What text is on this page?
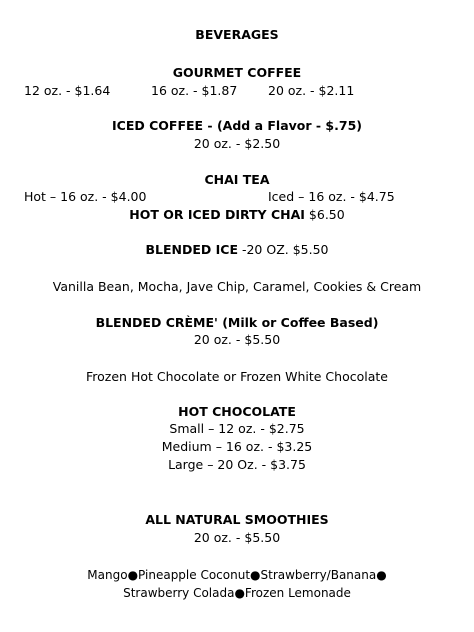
BEVERAGES
GOURMET COFFEE
12 oz. - $1.64	16 oz. - $1.87 20 oz. - $2.11
ICED COFFEE - (Add a Flavor - $.75)
20 oz. - $2.50
CHAI TEA
Hot – 16 oz. - $4.00	Iced – 16 oz. - $4.75
HOT OR ICED DIRTY CHAI $6.50
BLENDED ICE -20 OZ. $5.50
Vanilla Bean, Mocha, Jave Chip, Caramel, Cookies & Cream
BLENDED CRÈME' (Milk or Coffee Based)
20 oz. - $5.50
Frozen Hot Chocolate or Frozen White Chocolate
HOT CHOCOLATE
Small – 12 oz. - $2.75
Medium – 16 oz. - $3.25
Large – 20 Oz. - $3.75
ALL NATURAL SMOOTHIES
20 oz. - $5.50
Mango●Pineapple Coconut●Strawberry/Banana●
Strawberry Colada●Frozen Lemonade
